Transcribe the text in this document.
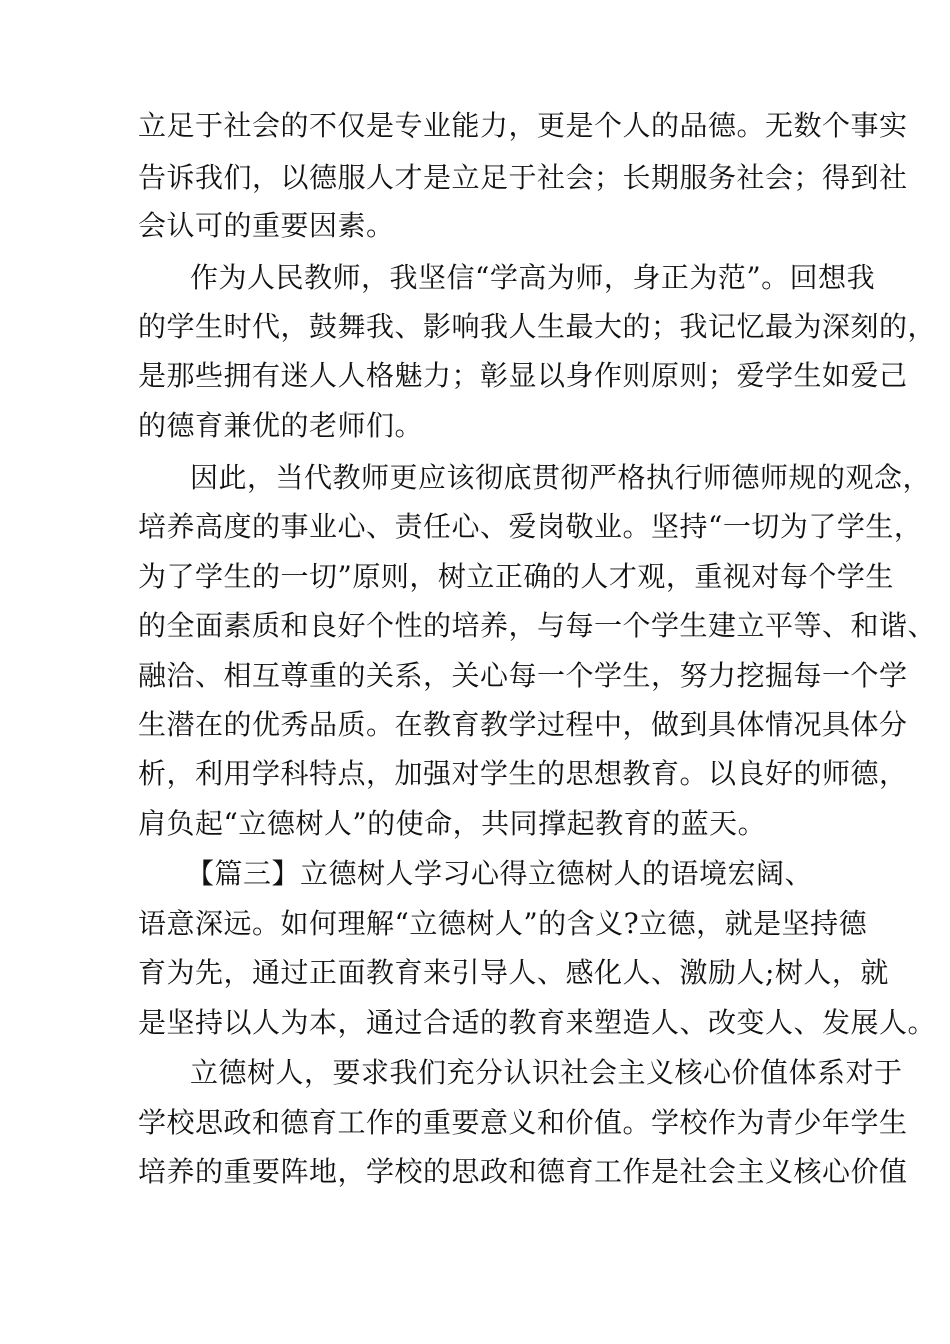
立足于社会的不仅是专业能力，更是个人的品德。无数个事实
告诉我们，以德服人才是立足于社会；长期服务社会；得到社
会认可的重要因素。
作为人民教师，我坚信“学高为师，身正为范”。回想我
的学生时代，鼓舞我、影响我人生最大的；我记忆最为深刻的，
是那些拥有迷人人格魅力；彰显以身作则原则；爱学生如爱己
的德育兼优的老师们。
因此，当代教师更应该彻底贯彻严格执行师德师规的观念，
培养高度的事业心、责任心、爱岗敬业。坚持“一切为了学生，
为了学生的一切”原则，树立正确的人才观，重视对每个学生
的全面素质和良好个性的培养，与每一个学生建立平等、和谐、
融洽、相互尊重的关系，关心每一个学生，努力挖掘每一个学
生潜在的优秀品质。在教育教学过程中，做到具体情况具体分
析，利用学科特点，加强对学生的思想教育。以良好的师德，
肩负起“立德树人”的使命，共同撑起教育的蓝天。
【篇三】立德树人学习心得立德树人的语境宏阔、
语意深远。如何理解“立德树人”的含义?立德，就是坚持德
育为先，通过正面教育来引导人、感化人、激励人;树人，就
是坚持以人为本，通过合适的教育来塑造人、改变人、发展人。
立德树人，要求我们充分认识社会主义核心价值体系对于
学校思政和德育工作的重要意义和价值。学校作为青少年学生
培养的重要阵地，学校的思政和德育工作是社会主义核心价值
